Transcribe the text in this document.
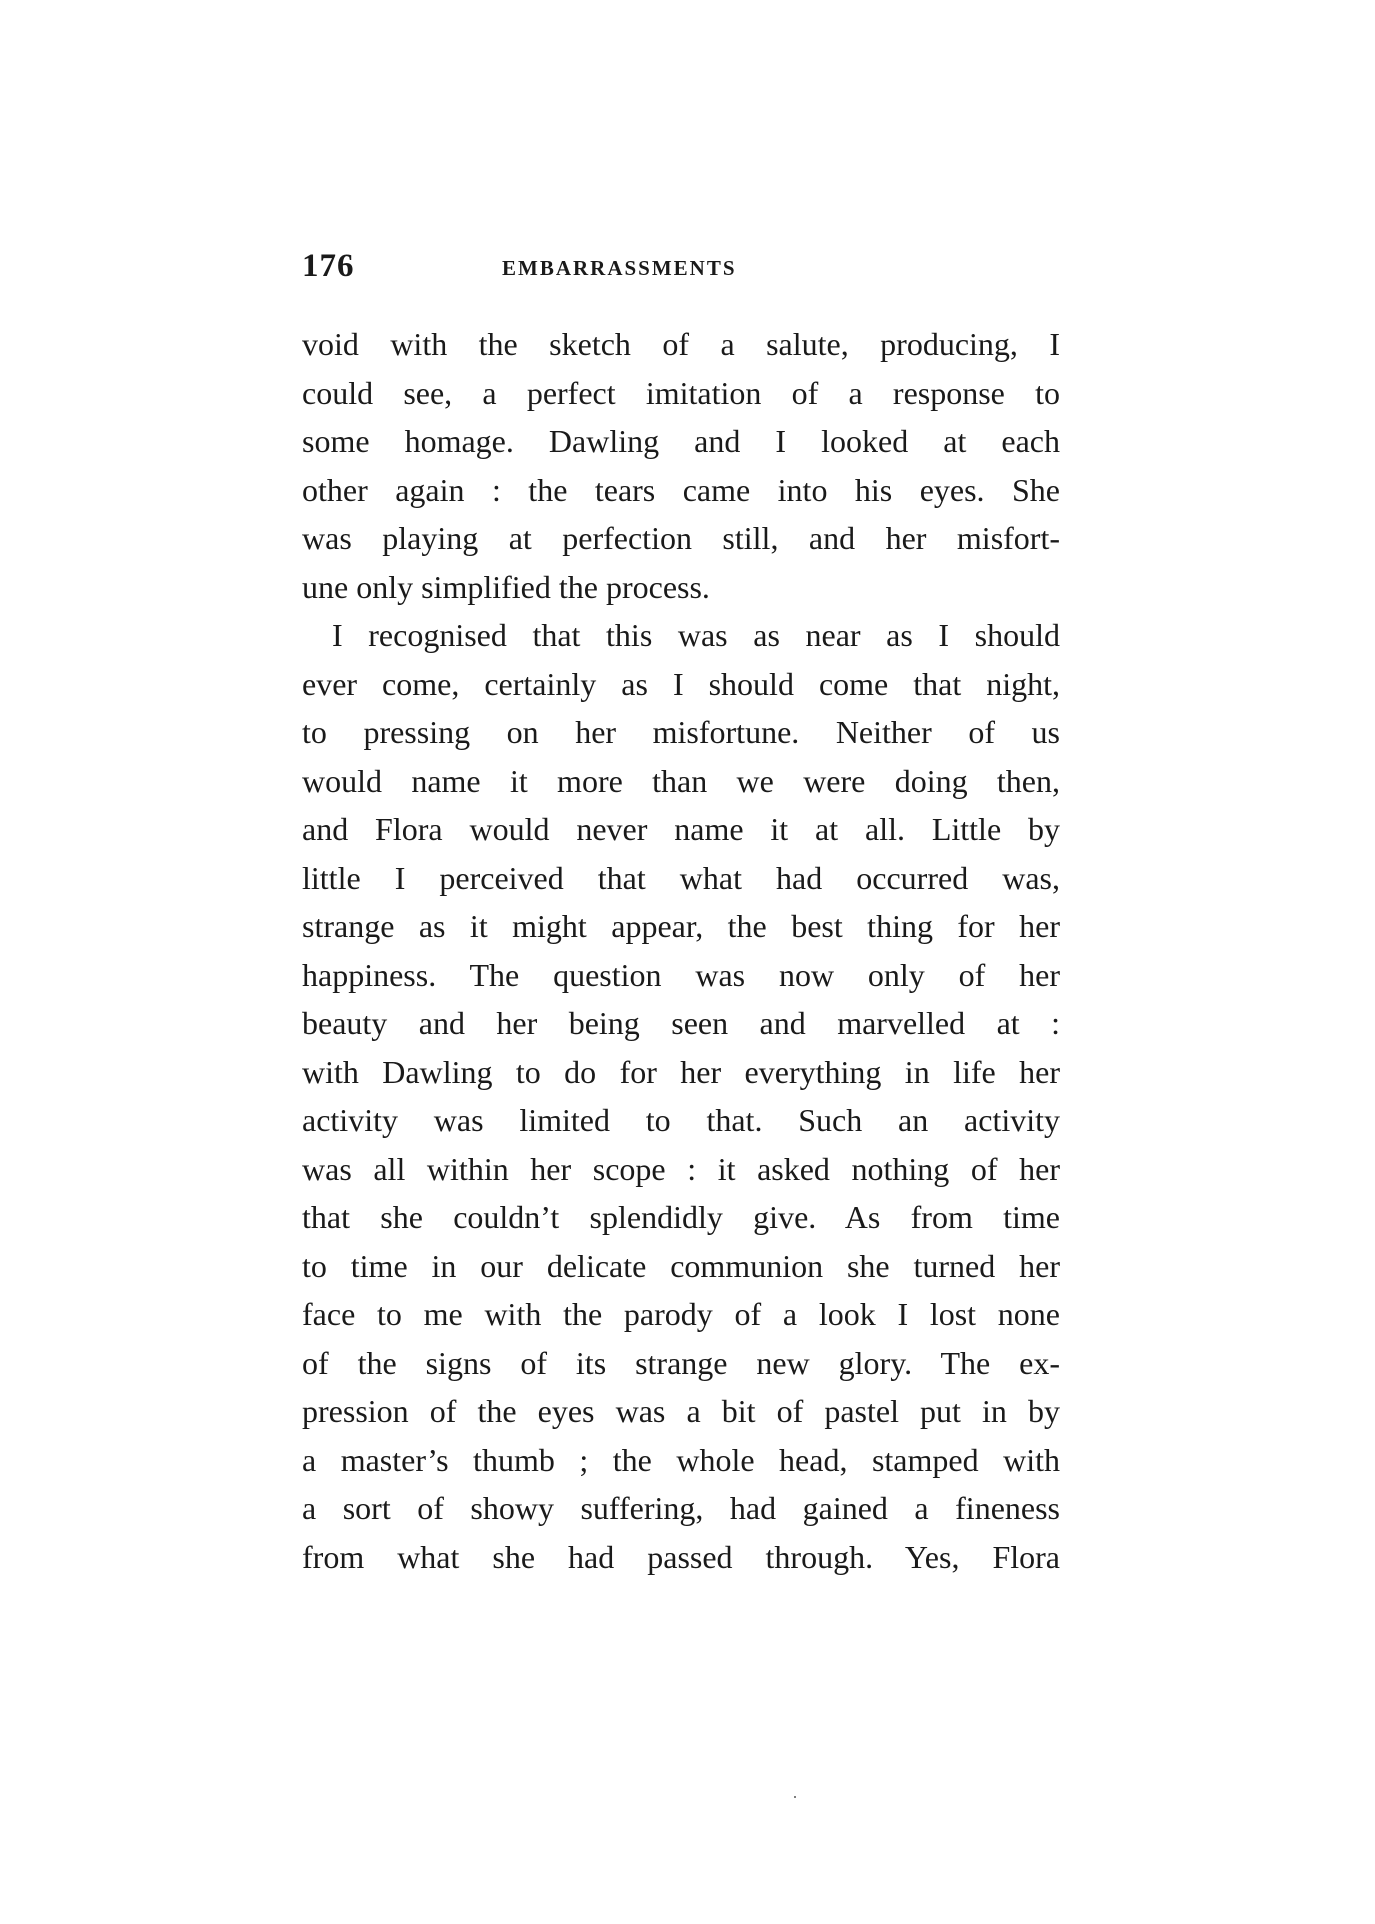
176	EMBARRASSMENTS

void with the sketch of a salute, producing, I
could see, a perfect imitation of a response to
some homage. Dawling and I looked at each
other again : the tears came into his eyes. She
was playing at perfection still, and her misfort-
une only simplified the process.

I recognised that this was as near as I should
ever come, certainly as I should come that night,
to pressing on her misfortune. Neither of us
would name it more than we were doing then,
and Flora would never name it at all. Little by
little I perceived that what had occurred was,
strange as it might appear, the best thing for her
happiness. The question was now only of her
beauty and her being seen and marvelled at :
with Dawling to do for her everything in life her
activity was limited to that. Such an activity
was all within her scope : it asked nothing of her
that she couldn’t splendidly give. As from time
to time in our delicate communion she turned her
face to me with the parody of a look I lost none
of the signs of its strange new glory. The ex-
pression of the eyes was a bit of pastel put in by
a master’s thumb ; the whole head, stamped with
a sort of showy suffering, had gained a fineness
from what she had passed through. Yes, Flora
